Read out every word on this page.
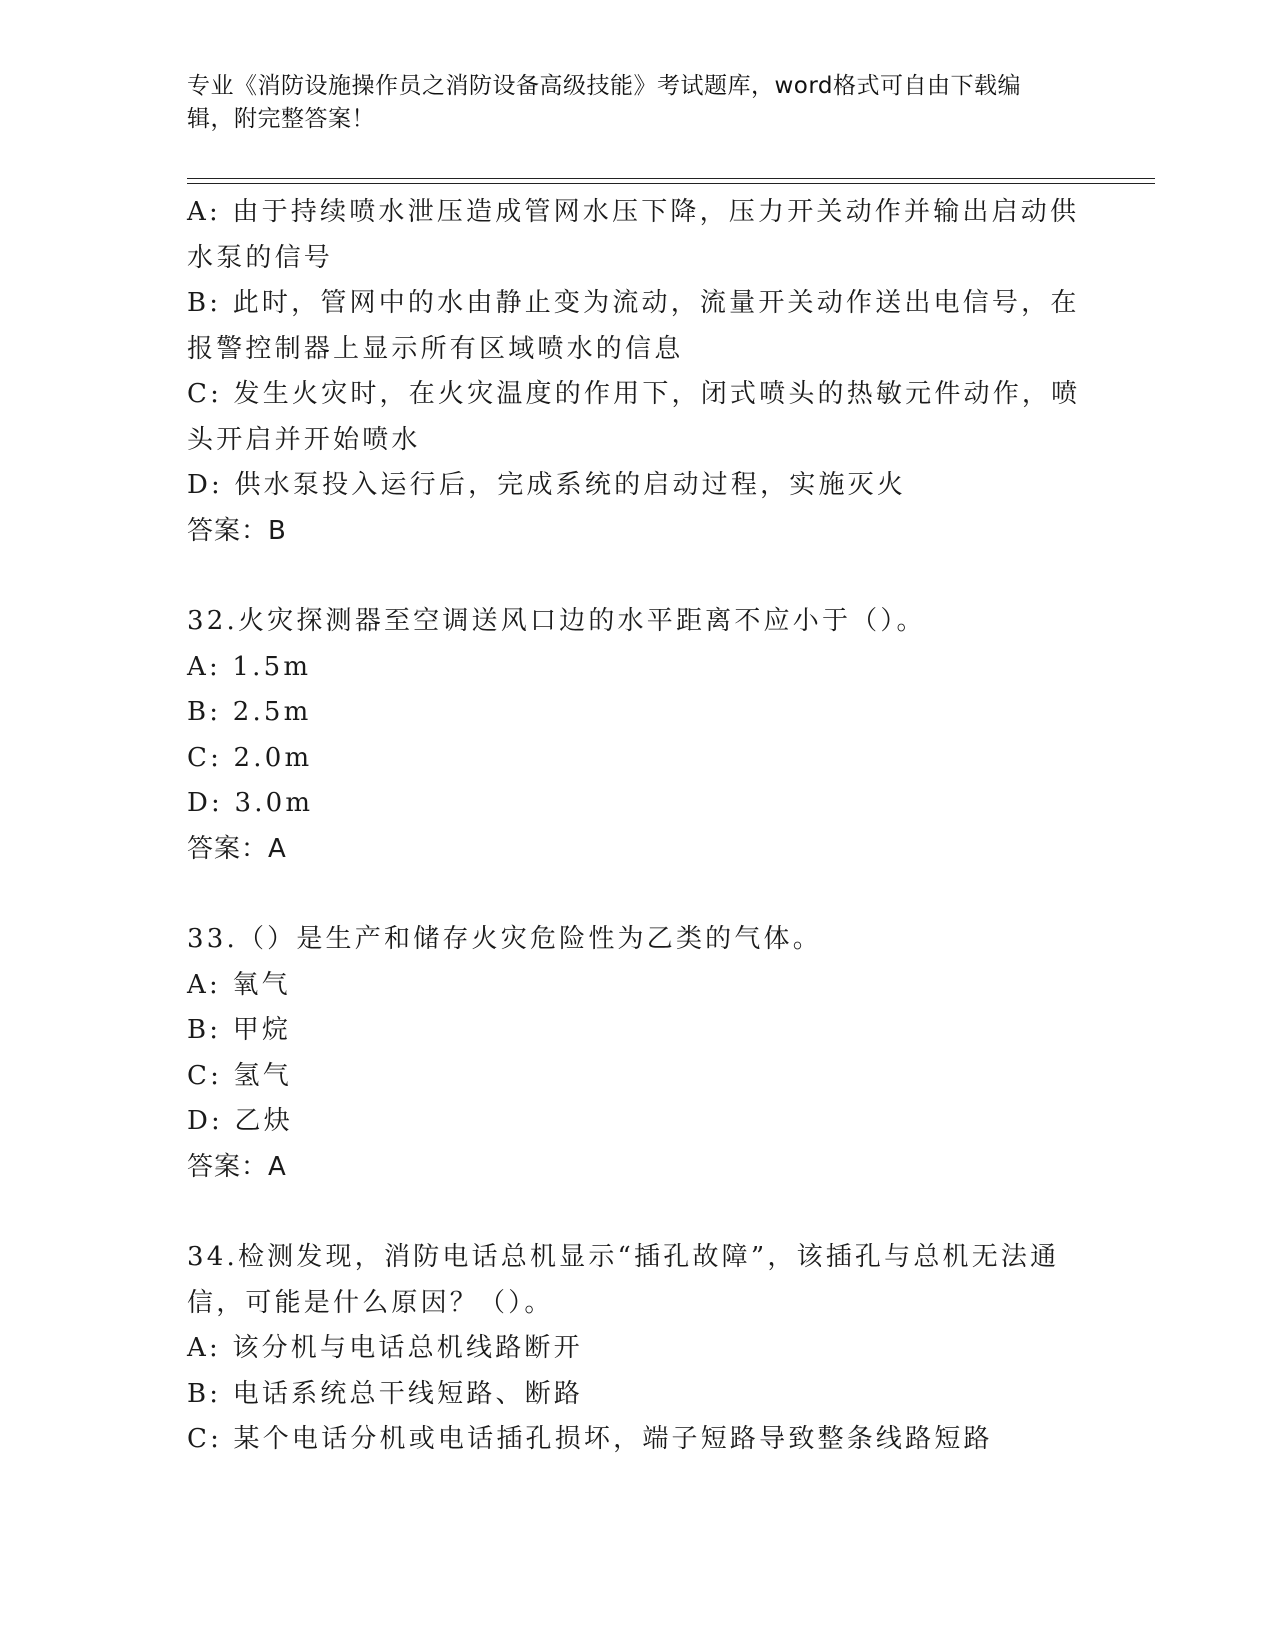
专业《消防设施操作员之消防设备高级技能》考试题库，word格式可自由下载编
辑，附完整答案！
A: 由于持续喷水泄压造成管网水压下降，压力开关动作并输出启动供
水泵的信号
B: 此时，管网中的水由静止变为流动，流量开关动作送出电信号，在
报警控制器上显示所有区域喷水的信息
C: 发生火灾时，在火灾温度的作用下，闭式喷头的热敏元件动作，喷
头开启并开始喷水
D: 供水泵投入运行后，完成系统的启动过程，实施灭火
答案：B
32.火灾探测器至空调送风口边的水平距离不应小于（）。
A: 1.5m
B: 2.5m
C: 2.0m
D: 3.0m
答案：A
33.（）是生产和储存火灾危险性为乙类的气体。
A: 氧气
B: 甲烷
C: 氢气
D: 乙炔
答案：A
34.检测发现，消防电话总机显示“插孔故障”，该插孔与总机无法通
信，可能是什么原因？（）。
A: 该分机与电话总机线路断开
B: 电话系统总干线短路、断路
C: 某个电话分机或电话插孔损坏，端子短路导致整条线路短路
